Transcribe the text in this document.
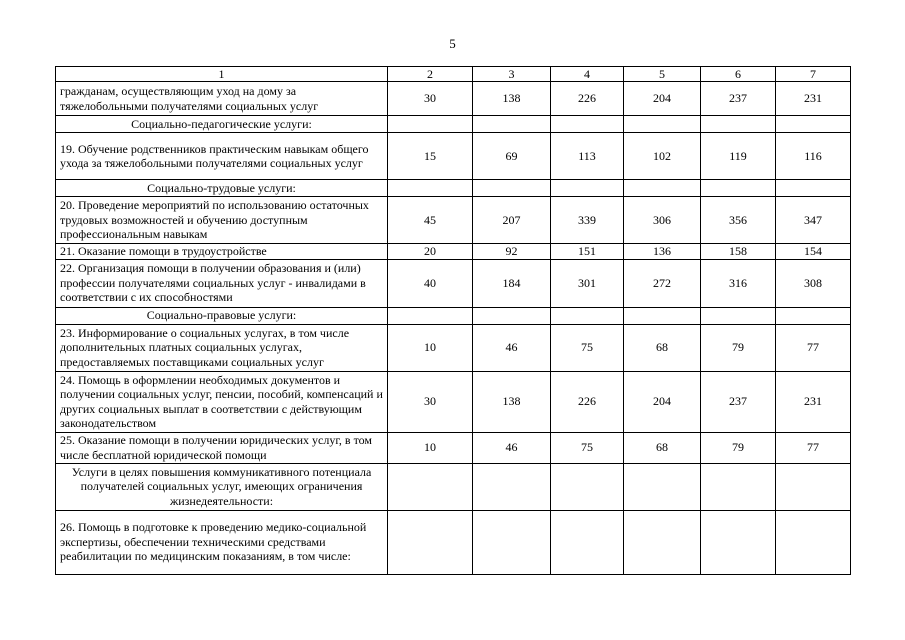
5
1	2	3	4	5	6	7
гражданам, осуществляющим уход на дому за тяжелобольными получателями социальных услуг	30	138	226	204	237	231
Социально-педагогические услуги:						
19. Обучение родственников практическим навыкам общего ухода за тяжелобольными получателями социальных услуг	15	69	113	102	119	116
Социально-трудовые услуги:						
20. Проведение мероприятий по использованию остаточных трудовых возможностей и обучению доступным профессиональным навыкам	45	207	339	306	356	347
21. Оказание помощи в трудоустройстве	20	92	151	136	158	154
22. Организация помощи в получении образования и (или) профессии получателями социальных услуг - инвалидами в соответствии с их способностями	40	184	301	272	316	308
Социально-правовые услуги:						
23. Информирование о социальных услугах, в том числе дополнительных платных социальных услугах, предоставляемых поставщиками социальных услуг	10	46	75	68	79	77
24. Помощь в оформлении необходимых документов и получении социальных услуг, пенсии, пособий, компенсаций и других социальных выплат в соответствии с действующим законодательством	30	138	226	204	237	231
25. Оказание помощи в получении юридических услуг, в том числе бесплатной юридической помощи	10	46	75	68	79	77
Услуги в целях повышения коммуникативного потенциала получателей социальных услуг, имеющих ограничения жизнедеятельности:						
26. Помощь в подготовке к проведению медико-социальной экспертизы, обеспечении техническими средствами реабилитации по медицинским показаниям, в том числе:						
